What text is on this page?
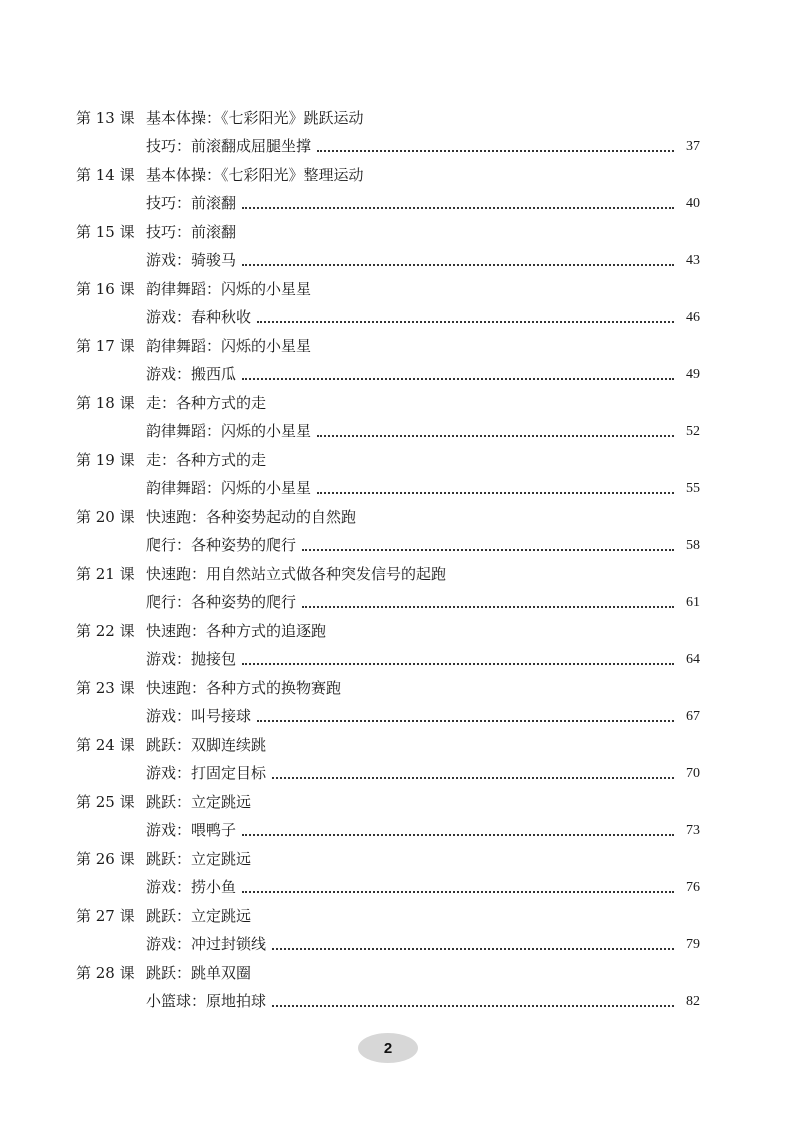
第 13 课 基本体操：《七彩阳光》跳跃运动
技巧：前滚翻成屈腿坐撑	37
第 14 课 基本体操：《七彩阳光》整理运动
技巧：前滚翻	40
第 15 课 技巧：前滚翻
游戏：骑骏马	43
第 16 课 韵律舞蹈：闪烁的小星星
游戏：春种秋收	46
第 17 课 韵律舞蹈：闪烁的小星星
游戏：搬西瓜	49
第 18 课 走：各种方式的走
韵律舞蹈：闪烁的小星星	52
第 19 课 走：各种方式的走
韵律舞蹈：闪烁的小星星	55
第 20 课 快速跑：各种姿势起动的自然跑
爬行：各种姿势的爬行	58
第 21 课 快速跑：用自然站立式做各种突发信号的起跑
爬行：各种姿势的爬行	61
第 22 课 快速跑：各种方式的追逐跑
游戏：抛接包	64
第 23 课 快速跑：各种方式的换物赛跑
游戏：叫号接球	67
第 24 课 跳跃：双脚连续跳
游戏：打固定目标	70
第 25 课 跳跃：立定跳远
游戏：喂鸭子	73
第 26 课 跳跃：立定跳远
游戏：捞小鱼	76
第 27 课 跳跃：立定跳远
游戏：冲过封锁线	79
第 28 课 跳跃：跳单双圈
小篮球：原地拍球	82
2
